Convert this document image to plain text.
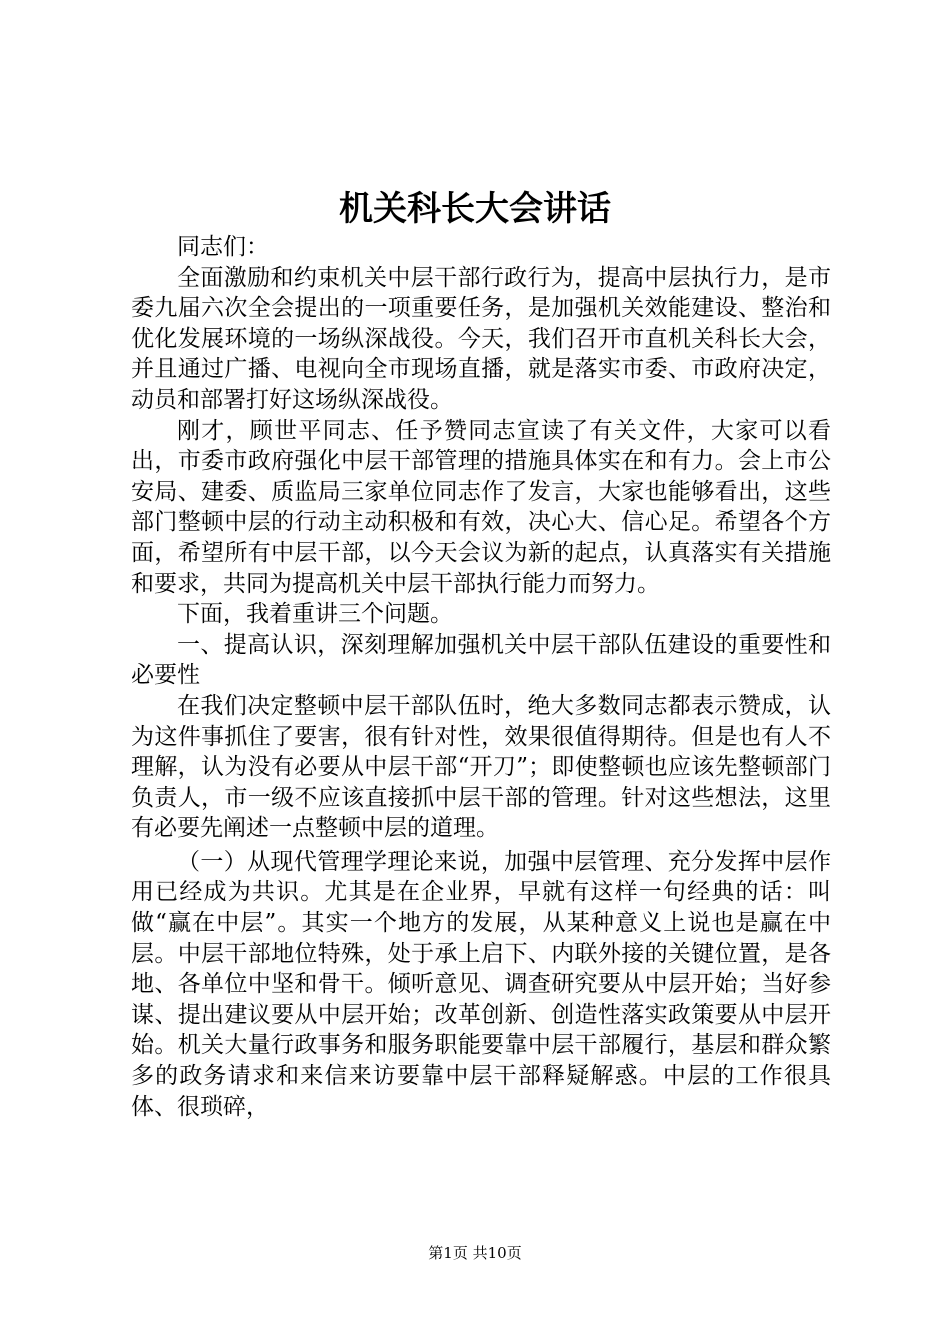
机关科长大会讲话

同志们：

全面激励和约束机关中层干部行政行为，提高中层执行力，是市委九届六次全会提出的一项重要任务，是加强机关效能建设、整治和优化发展环境的一场纵深战役。今天，我们召开市直机关科长大会，并且通过广播、电视向全市现场直播，就是落实市委、市政府决定，动员和部署打好这场纵深战役。

刚才，顾世平同志、任予赞同志宣读了有关文件，大家可以看出，市委市政府强化中层干部管理的措施具体实在和有力。会上市公安局、建委、质监局三家单位同志作了发言，大家也能够看出，这些部门整顿中层的行动主动积极和有效，决心大、信心足。希望各个方面，希望所有中层干部，以今天会议为新的起点，认真落实有关措施和要求，共同为提高机关中层干部执行能力而努力。

下面，我着重讲三个问题。

一、提高认识，深刻理解加强机关中层干部队伍建设的重要性和必要性

在我们决定整顿中层干部队伍时，绝大多数同志都表示赞成，认为这件事抓住了要害，很有针对性，效果很值得期待。但是也有人不理解，认为没有必要从中层干部“开刀”；即使整顿也应该先整顿部门负责人，市一级不应该直接抓中层干部的管理。针对这些想法，这里有必要先阐述一点整顿中层的道理。

（一）从现代管理学理论来说，加强中层管理、充分发挥中层作用已经成为共识。尤其是在企业界，早就有这样一句经典的话：叫做“赢在中层”。其实一个地方的发展，从某种意义上说也是赢在中层。中层干部地位特殊，处于承上启下、内联外接的关键位置，是各地、各单位中坚和骨干。倾听意见、调查研究要从中层开始；当好参谋、提出建议要从中层开始；改革创新、创造性落实政策要从中层开始。机关大量行政事务和服务职能要靠中层干部履行，基层和群众繁多的政务请求和来信来访要靠中层干部释疑解惑。中层的工作很具体、很琐碎，

第1页 共10页
